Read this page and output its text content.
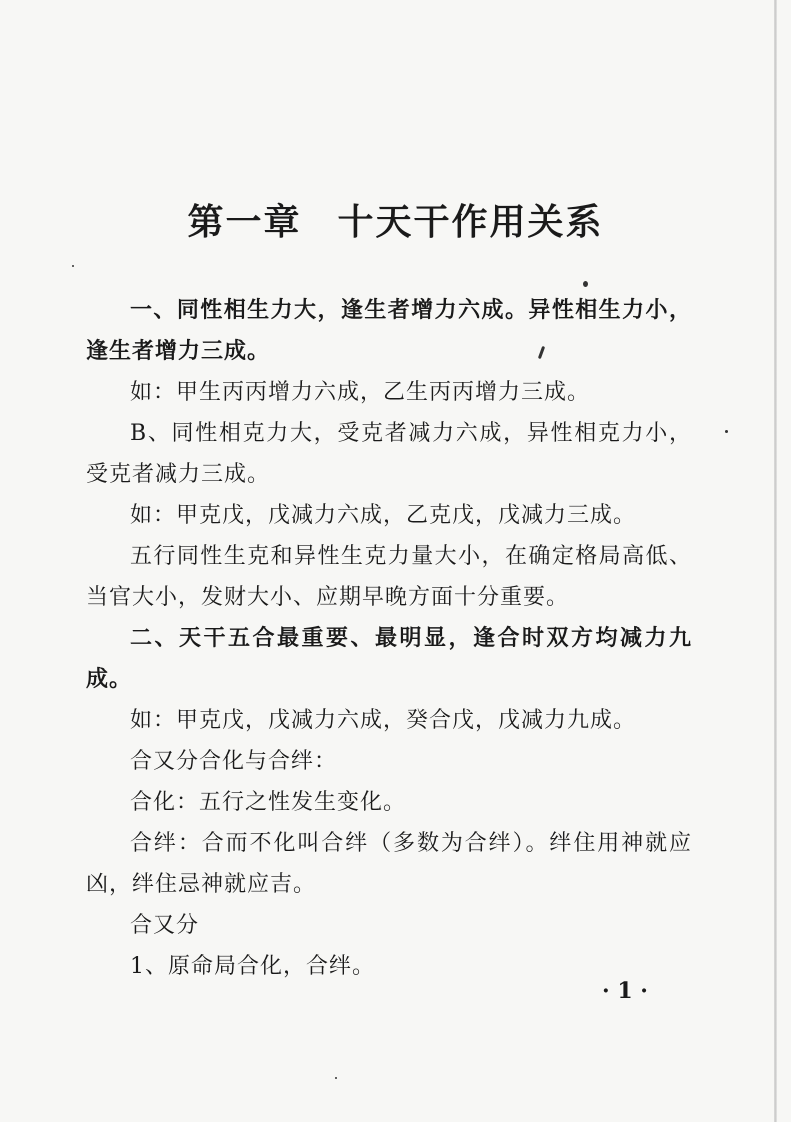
第一章 十天干作用关系

一、同性相生力大，逢生者增力六成。异性相生力小，逢生者增力三成。

如：甲生丙丙增力六成，乙生丙丙增力三成。

B、同性相克力大，受克者减力六成，异性相克力小，受克者减力三成。

如：甲克戊，戊减力六成，乙克戊，戊减力三成。

五行同性生克和异性生克力量大小，在确定格局高低、当官大小，发财大小、应期早晚方面十分重要。

二、天干五合最重要、最明显，逢合时双方均减力九成。

如：甲克戊，戊减力六成，癸合戊，戊减力九成。

合又分合化与合绊：

合化：五行之性发生变化。

合绊：合而不化叫合绊（多数为合绊）。绊住用神就应凶，绊住忌神就应吉。

合又分

1、原命局合化，合绊。

· 1 ·
